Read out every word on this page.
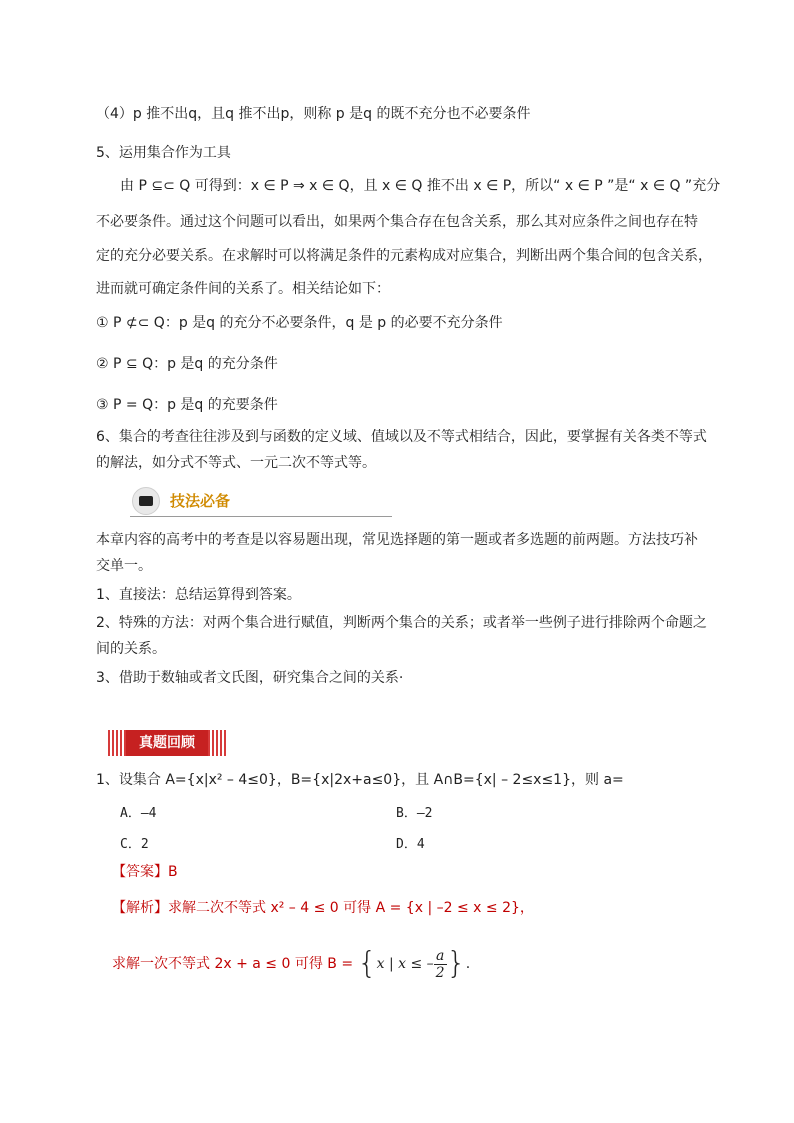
（4）p 推不出q，且q 推不出p，则称 p 是q 的既不充分也不必要条件
5、运用集合作为工具
由 P ⊆⊂ Q 可得到：x ∈ P ⇒ x ∈ Q，且 x ∈ Q 推不出 x ∈ P，所以“ x ∈ P ”是“ x ∈ Q ”充分
不必要条件。通过这个问题可以看出，如果两个集合存在包含关系，那么其对应条件之间也存在特
定的充分必要关系。在求解时可以将满足条件的元素构成对应集合，判断出两个集合间的包含关系，
进而就可确定条件间的关系了。相关结论如下：
① P ⊄⊂ Q：p 是q 的充分不必要条件，q 是 p 的必要不充分条件
② P ⊆ Q：p 是q 的充分条件
③ P = Q：p 是q 的充要条件
6、集合的考查往往涉及到与函数的定义域、值域以及不等式相结合，因此，要掌握有关各类不等式
的解法，如分式不等式、一元二次不等式等。
技法必备
本章内容的高考中的考查是以容易题出现，常见选择题的第一题或者多选题的前两题。方法技巧补
交单一。
1、直接法：总结运算得到答案。
2、特殊的方法：对两个集合进行赋值，判断两个集合的关系；或者举一些例子进行排除两个命题之
间的关系。
3、借助于数轴或者文氏图，研究集合之间的关系·
真题回顾
1、设集合 A={x|x² – 4≤0}，B={x|2x+a≤0}，且 A∩B={x| – 2≤x≤1}，则 a=
A．–4	B．–2
C．2	D．4
【答案】B
【解析】求解二次不等式 x² – 4 ≤ 0 可得 A = {x | –2 ≤ x ≤ 2}，
求解一次不等式 2x + a ≤ 0 可得 B = {x | x ≤ – $\frac{a}{2}$ }.
